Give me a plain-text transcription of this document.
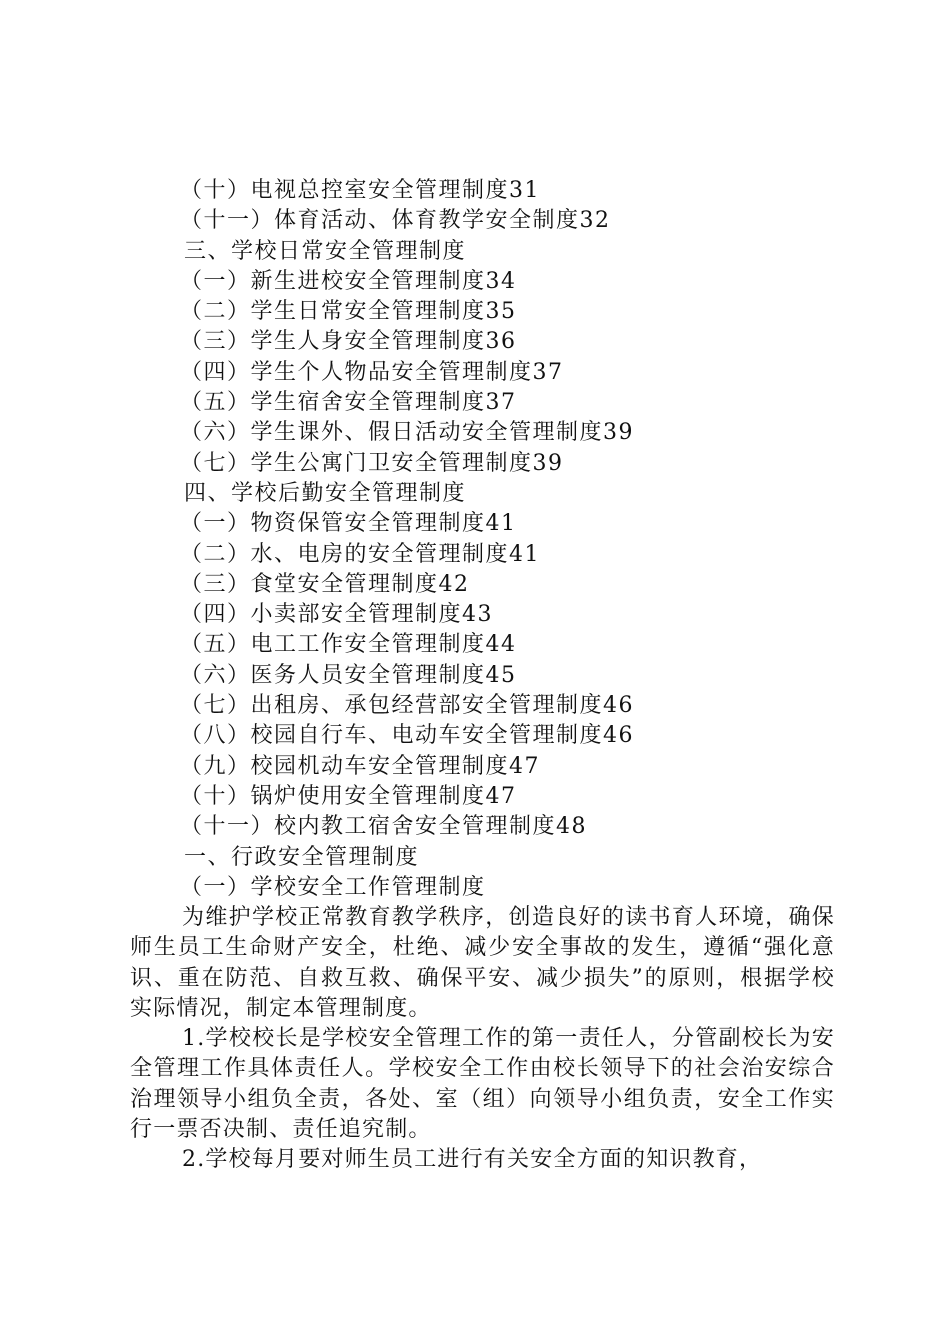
（十）电视总控室安全管理制度31
（十一）体育活动、体育教学安全制度32
三、学校日常安全管理制度
（一）新生进校安全管理制度34
（二）学生日常安全管理制度35
（三）学生人身安全管理制度36
（四）学生个人物品安全管理制度37
（五）学生宿舍安全管理制度37
（六）学生课外、假日活动安全管理制度39
（七）学生公寓门卫安全管理制度39
四、学校后勤安全管理制度
（一）物资保管安全管理制度41
（二）水、电房的安全管理制度41
（三）食堂安全管理制度42
（四）小卖部安全管理制度43
（五）电工工作安全管理制度44
（六）医务人员安全管理制度45
（七）出租房、承包经营部安全管理制度46
（八）校园自行车、电动车安全管理制度46
（九）校园机动车安全管理制度47
（十）锅炉使用安全管理制度47
（十一）校内教工宿舍安全管理制度48
一、行政安全管理制度
（一）学校安全工作管理制度

为维护学校正常教育教学秩序，创造良好的读书育人环境，确保师生员工生命财产安全，杜绝、减少安全事故的发生，遵循“强化意识、重在防范、自救互救、确保平安、减少损失”的原则，根据学校实际情况，制定本管理制度。

1.学校校长是学校安全管理工作的第一责任人，分管副校长为安全管理工作具体责任人。学校安全工作由校长领导下的社会治安综合治理领导小组负全责，各处、室（组）向领导小组负责，安全工作实行一票否决制、责任追究制。

2.学校每月要对师生员工进行有关安全方面的知识教育，
